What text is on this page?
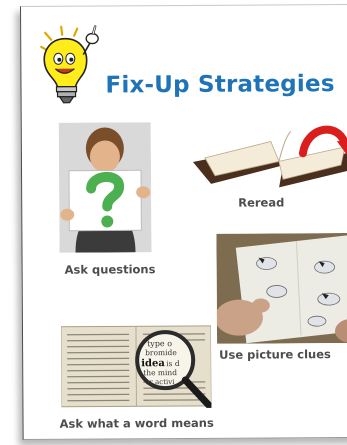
Fix-Up Strategies
Ask questions
Reread
Use picture clues
type o
bromide
idea is d
the mind
or activi
Ask what a word means
